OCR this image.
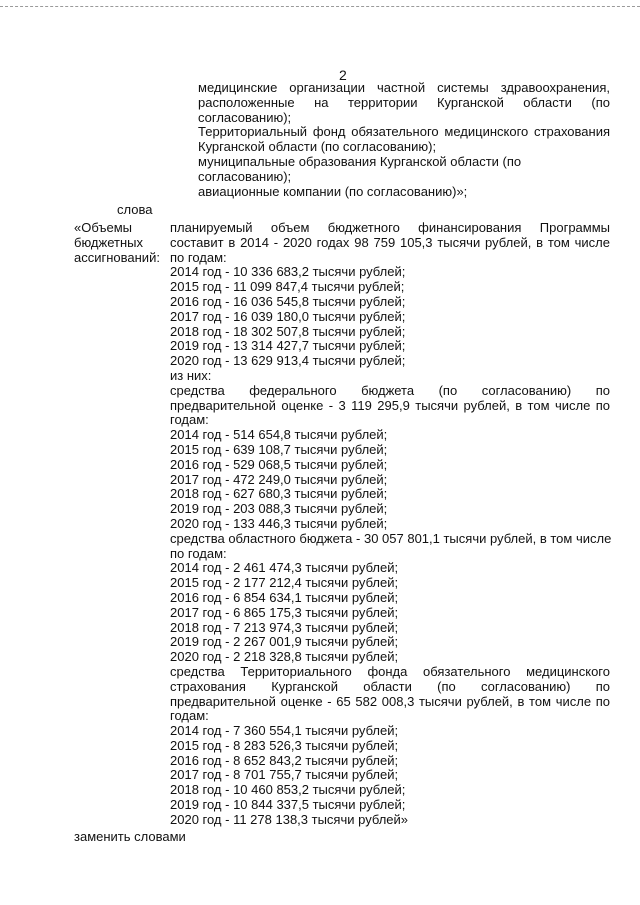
2
медицинские организации частной системы здравоохранения,
расположенные на территории Курганской области (по
согласованию);
Территориальный фонд обязательного медицинского страхования
Курганской области (по согласованию);
муниципальные образования Курганской области (по
согласованию);
авиационные компании (по согласованию)»;
слова
«Объемы
бюджетных
ассигнований:
планируемый объем бюджетного финансирования Программы
составит в 2014 - 2020 годах 98 759 105,3 тысячи рублей, в том числе
по годам:
2014 год - 10 336 683,2 тысячи рублей;
2015 год - 11 099 847,4 тысячи рублей;
2016 год - 16 036 545,8 тысячи рублей;
2017 год - 16 039 180,0 тысячи рублей;
2018 год - 18 302 507,8 тысячи рублей;
2019 год - 13 314 427,7 тысячи рублей;
2020 год - 13 629 913,4 тысячи рублей;
из них:
средства федерального бюджета (по согласованию) по
предварительной оценке - 3 119 295,9 тысячи рублей, в том числе по
годам:
2014 год - 514 654,8 тысячи рублей;
2015 год - 639 108,7 тысячи рублей;
2016 год - 529 068,5 тысячи рублей;
2017 год - 472 249,0 тысячи рублей;
2018 год - 627 680,3 тысячи рублей;
2019 год - 203 088,3 тысячи рублей;
2020 год - 133 446,3 тысячи рублей;
средства областного бюджета - 30 057 801,1 тысячи рублей, в том числе
по годам:
2014 год - 2 461 474,3 тысячи рублей;
2015 год - 2 177 212,4 тысячи рублей;
2016 год - 6 854 634,1 тысячи рублей;
2017 год - 6 865 175,3 тысячи рублей;
2018 год - 7 213 974,3 тысячи рублей;
2019 год - 2 267 001,9 тысячи рублей;
2020 год - 2 218 328,8 тысячи рублей;
средства Территориального фонда обязательного медицинского
страхования Курганской области (по согласованию) по
предварительной оценке - 65 582 008,3 тысячи рублей, в том числе по
годам:
2014 год - 7 360 554,1 тысячи рублей;
2015 год - 8 283 526,3 тысячи рублей;
2016 год - 8 652 843,2 тысячи рублей;
2017 год - 8 701 755,7 тысячи рублей;
2018 год - 10 460 853,2 тысячи рублей;
2019 год - 10 844 337,5 тысячи рублей;
2020 год - 11 278 138,3 тысячи рублей»
заменить словами
